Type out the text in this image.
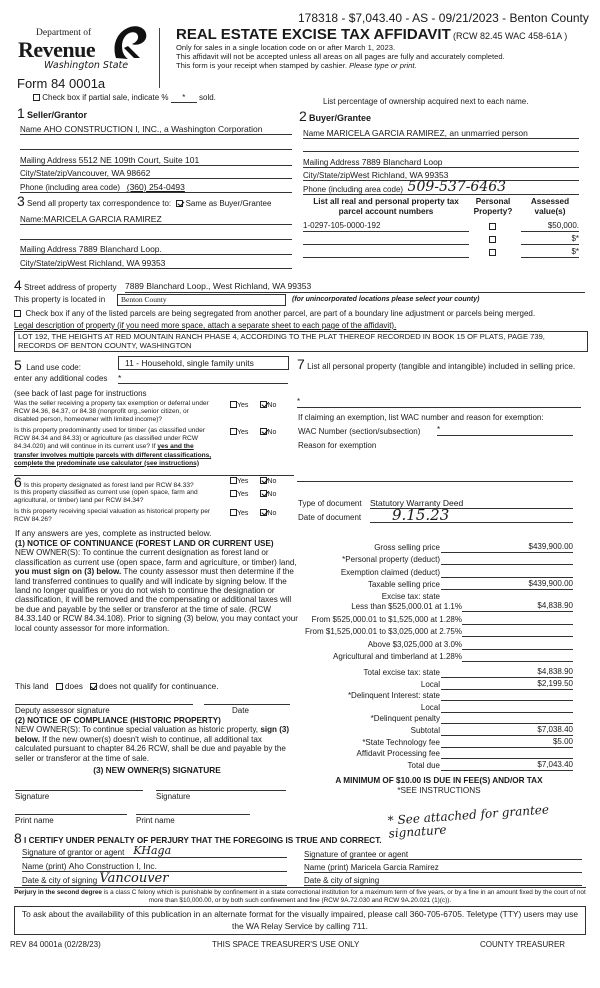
178318 - $7,043.40 - AS - 09/21/2023 - Benton County
Department of
Revenue
Washington State
Form 84 0001a
REAL ESTATE EXCISE TAX AFFIDAVIT (RCW 82.45 WAC 458-61A )
Only for sales in a single location code on or after March 1, 2023.
This affidavit will not be accepted unless all areas on all pages are fully and accurately completed.
This form is your receipt when stamped by cashier. Please type or print.
Check box if partial sale, indicate % * sold.	List percentage of ownership acquired next to each name.
1 Seller/Grantor
Name
AHO CONSTRUCTION I, INC., a Washington Corporation
Mailing Address
5512 NE 109th Court, Suite 101
City/State/zip Vancouver, WA 98662
Phone (including area code)
(360) 254-0493
3 Send all property tax correspondence to: Same as Buyer/Grantee
Name: MARICELA GARCIA RAMIREZ
Mailing Address
7889 Blanchard Loop.
City/State/zip West Richland, WA 99353
2 Buyer/Grantee
Name
MARICELA GARCIA RAMIREZ, an unmarried person
Mailing Address
7889 Blanchard Loop
City/State/zip West Richland, WA 99353
Phone (including area code)
509-537-6463
List all real and personal property tax parcel account numbers
Personal Property?
Assessed value(s)
1-0297-105-0000-192	$50,000.
$*
$*
4 Street address of property 7889 Blanchard Loop., West Richland, WA 99353
This property is located in	Benton County	(for unincorporated locations please select your county)
Check box if any of the listed parcels are being segregated from another parcel, are part of a boundary line adjustment or parcels being merged.
Legal description of property (if you need more space, attach a separate sheet to each page of the affidavit).
LOT 192, THE HEIGHTS AT RED MOUNTAIN RANCH PHASE 4, ACCORDING TO THE PLAT THEREOF RECORDED IN BOOK 15 OF PLATS, PAGE 739, RECORDS OF BENTON COUNTY, WASHINGTON
5 Land use code:	11 - Household, single family units
enter any additional codes *
(see back of last page for instructions
Was the seller receiving a property tax exemption or deferral under RCW 84.36, 84.37, or 84.38 (nonprofit org.,senior citizen, or disabled person, homeowner with limited income)?
Yes	No
Is this property predominantly used for timber (as classified under RCW 84.34 and 84.33) or agriculture (as classified under RCW 84.34.020) and will continue in its current use? If yes and the transfer involves multiple parcels with different classifications, complete the predominate use calculator (see instructions)
Yes	No
6 Is this property designated as forest land per RCW 84.33?
Yes	No
Is this property classified as current use (open space, farm and agricultural, or timber) land per RCW 84.34?
Yes	No
Is this property receiving special valuation as historical property per RCW 84.26?
Yes	No
If any answers are yes, complete as instructed below.
(1) NOTICE OF CONTINUANCE (FOREST LAND OR CURRENT USE)
NEW OWNER(S): To continue the current designation as forest land or classification as current use (open space, farm and agriculture, or timber) land, you must sign on (3) below. The county assessor must then determine if the land transferred continues to qualify and will indicate by signing below. If the land no longer qualifies or you do not wish to continue the designation or classification, it will be removed and the compensating or additional taxes will be due and payable by the seller or transferor at the time of sale. (RCW 84.33.140 or RCW 84.34.108). Prior to signing (3) below, you may contact your local county assessor for more information.
This land does does not qualify for continuance.
Deputy assessor signature	Date
(2) NOTICE OF COMPLIANCE (HISTORIC PROPERTY)
NEW OWNER(S): To continue special valuation as historic property, sign (3) below. If the new owner(s) doesn't wish to continue, all additional tax calculated pursuant to chapter 84.26 RCW, shall be due and payable by the seller or transferor at the time of sale.
(3) NEW OWNER(S) SIGNATURE
Signature	Signature
Print name	Print name
7 List all personal property (tangible and intangible) included in selling price.
*
If claiming an exemption, list WAC number and reason for exemption:
WAC Number (section/subsection) *
Reason for exemption
Type of document Statutory Warranty Deed
Date of document	9.15.23
Gross selling price	$439,900.00
*Personal property (deduct)
Exemption claimed (deduct)
Taxable selling price	$439,900.00
Excise tax: state
Less than $525,000.01 at 1.1%	$4,838.90
From $525,000.01 to $1,525,000 at 1.28%
From $1,525,000.01 to $3,025,000 at 2.75%
Above $3,025,000 at 3.0%
Agricultural and timberland at 1.28%
Total excise tax: state	$4,838.90
Local	$2,199.50
*Delinquent Interest: state
Local
*Delinquent penalty
Subtotal	$7,038.40
*State Technology fee	$5.00
Affidavit Processing fee
Total due	$7,043.40
A MINIMUM OF $10.00 IS DUE IN FEE(S) AND/OR TAX
*SEE INSTRUCTIONS
* See attached for grantee signature
8 I CERTIFY UNDER PENALTY OF PERJURY THAT THE FOREGOING IS TRUE AND CORRECT.
Signature of grantor or agent
KHaga
Name (print)
Aho Construction I, Inc.
Date & city of signing
Vancouver
Signature of grantee or agent
Name (print)
Maricela Garcia Ramirez
Date & city of signing
Perjury in the second degree is a class C felony which is punishable by confinement in a state correctional institution for a maximum term of five years, or by a fine in an amount fixed by the court of not more than $10,000.00, or by both such confinement and fine (RCW 9A.72.030 and RCW 9A.20.021 (1)(c)).
To ask about the availability of this publication in an alternate format for the visually impaired, please call 360-705-6705. Teletype (TTY) users may use the WA Relay Service by calling 711.
REV 84 0001a (02/28/23)	THIS SPACE TREASURER'S USE ONLY	COUNTY TREASURER
